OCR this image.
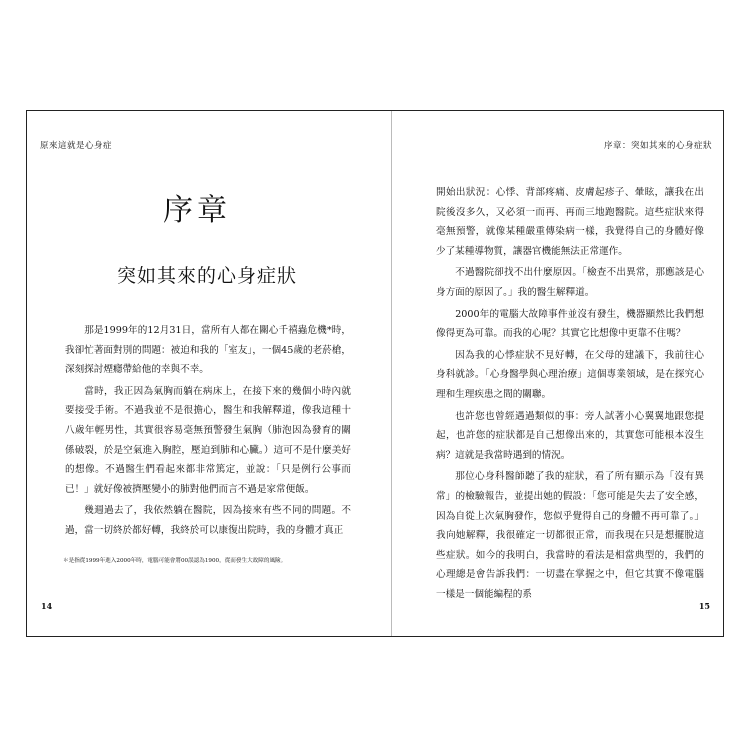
原來這就是心身症
序章
突如其來的心身症狀

那是1999年的12月31日，當所有人都在關心千禧蟲危機*時，我卻忙著面對別的問題：被迫和我的「室友」，一個45歲的老菸槍，深刻探討煙癮帶給他的幸與不幸。

當時，我正因為氣胸而躺在病床上，在接下來的幾個小時內就要接受手術。不過我並不是很擔心，醫生和我解釋道，像我這種十八歲年輕男性，其實很容易毫無預警發生氣胸（肺泡因為發育的關係破裂，於是空氣進入胸腔，壓迫到肺和心臟。）這可不是什麼美好的想像。不過醫生們看起來都非常篤定，並說：「只是例行公事而已！」就好像被擠壓變小的肺對他們而言不過是家常便飯。

幾週過去了，我依然躺在醫院，因為接來有些不同的問題。不過，當一切終於都好轉，我終於可以康復出院時，我的身體才真正

＊是指從1999年進入2000年時，電腦可能會將00誤認為1900，從而發生大故障的風險。
14
序章：突如其來的心身症狀

開始出狀況：心悸、背部疼痛、皮膚起疹子、暈眩，讓我在出院後沒多久，又必須一而再、再而三地跑醫院。這些症狀來得毫無預警，就像某種嚴重傳染病一樣，我覺得自己的身體好像少了某種導物質，讓器官機能無法正常運作。

不過醫院卻找不出什麼原因。「檢查不出異常，那應該是心身方面的原因了。」我的醫生解釋道。

2000年的電腦大故障事件並沒有發生，機器顯然比我們想像得更為可靠。而我的心呢？其實它比想像中更靠不住嗎？

因為我的心悸症狀不見好轉，在父母的建議下，我前往心身科就診。「心身醫學與心理治療」這個專業領域，是在探究心理和生理疾患之間的關聯。

也許您也曾經遇過類似的事：旁人試著小心翼翼地跟您提起，也許您的症狀都是自己想像出來的，其實您可能根本沒生病？這就是我當時遇到的情況。

那位心身科醫師聽了我的症狀，看了所有顯示為「沒有異常」的檢驗報告，並提出她的假設：「您可能是失去了安全感，因為自從上次氣胸發作，您似乎覺得自己的身體不再可靠了。」我向她解釋，我很確定一切都很正常，而我現在只是想擺脫這些症狀。如今的我明白，我當時的看法是相當典型的，我們的心理總是會告訴我們：一切盡在掌握之中，但它其實不像電腦一樣是一個能編程的系

15
